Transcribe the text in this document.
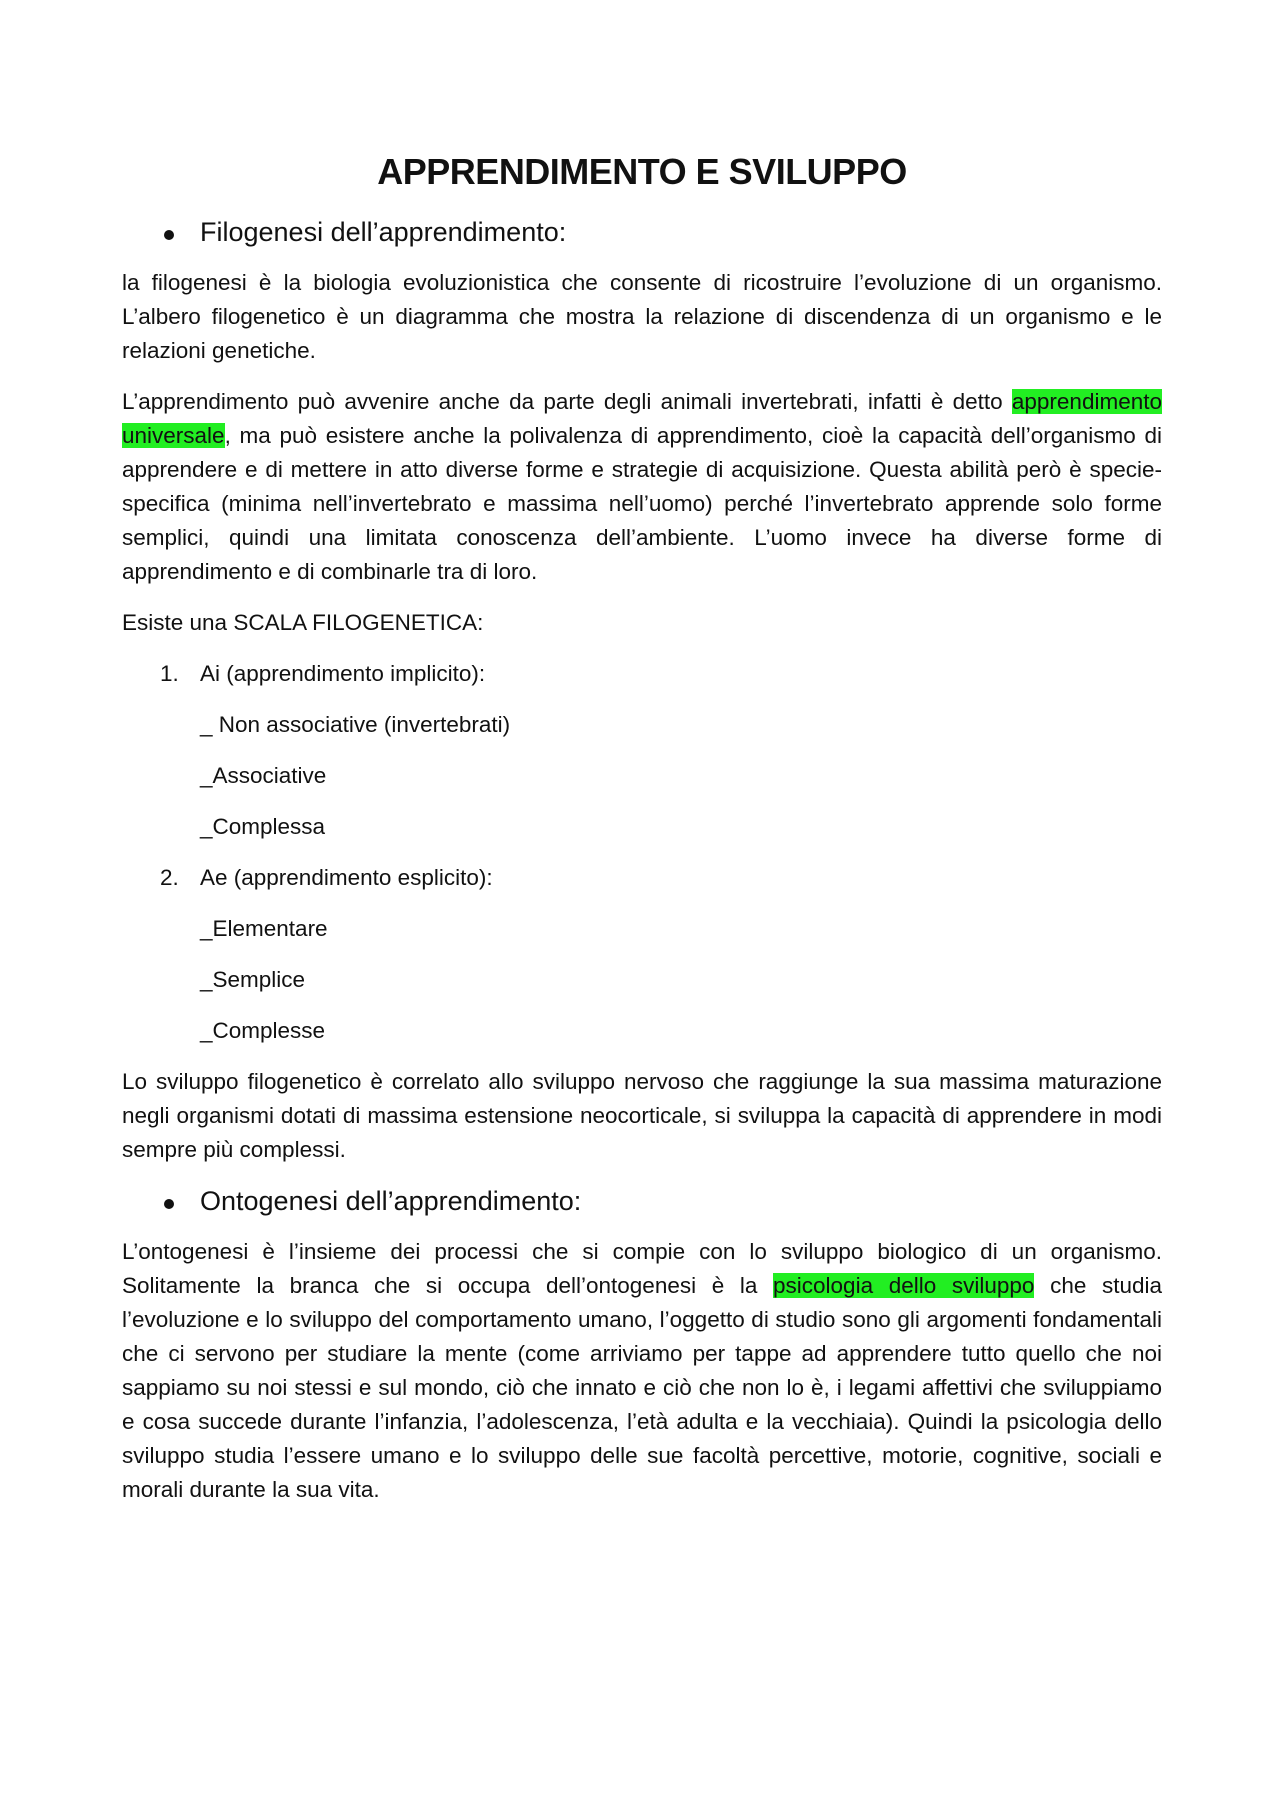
APPRENDIMENTO E SVILUPPO
Filogenesi dell’apprendimento:

la filogenesi è la biologia evoluzionistica che consente di ricostruire l’evoluzione di un organismo. L’albero filogenetico è un diagramma che mostra la relazione di discendenza di un organismo e le relazioni genetiche.

L’apprendimento può avvenire anche da parte degli animali invertebrati, infatti è detto apprendimento universale, ma può esistere anche la polivalenza di apprendimento, cioè la capacità dell’organismo di apprendere e di mettere in atto diverse forme e strategie di acquisizione. Questa abilità però è specie-specifica (minima nell’invertebrato e massima nell’uomo) perché l’invertebrato apprende solo forme semplici, quindi una limitata conoscenza dell’ambiente. L’uomo invece ha diverse forme di apprendimento e di combinarle tra di loro.

Esiste una SCALA FILOGENETICA:

1. Ai (apprendimento implicito):
_ Non associative (invertebrati)
_Associative
_Complessa
2. Ae (apprendimento esplicito):
_Elementare
_Semplice
_Complesse

Lo sviluppo filogenetico è correlato allo sviluppo nervoso che raggiunge la sua massima maturazione negli organismi dotati di massima estensione neocorticale, si sviluppa la capacità di apprendere in modi sempre più complessi.

Ontogenesi dell’apprendimento:

L’ontogenesi è l’insieme dei processi che si compie con lo sviluppo biologico di un organismo. Solitamente la branca che si occupa dell’ontogenesi è la psicologia dello sviluppo che studia l’evoluzione e lo sviluppo del comportamento umano, l’oggetto di studio sono gli argomenti fondamentali che ci servono per studiare la mente (come arriviamo per tappe ad apprendere tutto quello che noi sappiamo su noi stessi e sul mondo, ciò che innato e ciò che non lo è, i legami affettivi che sviluppiamo e cosa succede durante l’infanzia, l’adolescenza, l’età adulta e la vecchiaia). Quindi la psicologia dello sviluppo studia l’essere umano e lo sviluppo delle sue facoltà percettive, motorie, cognitive, sociali e morali durante la sua vita.
